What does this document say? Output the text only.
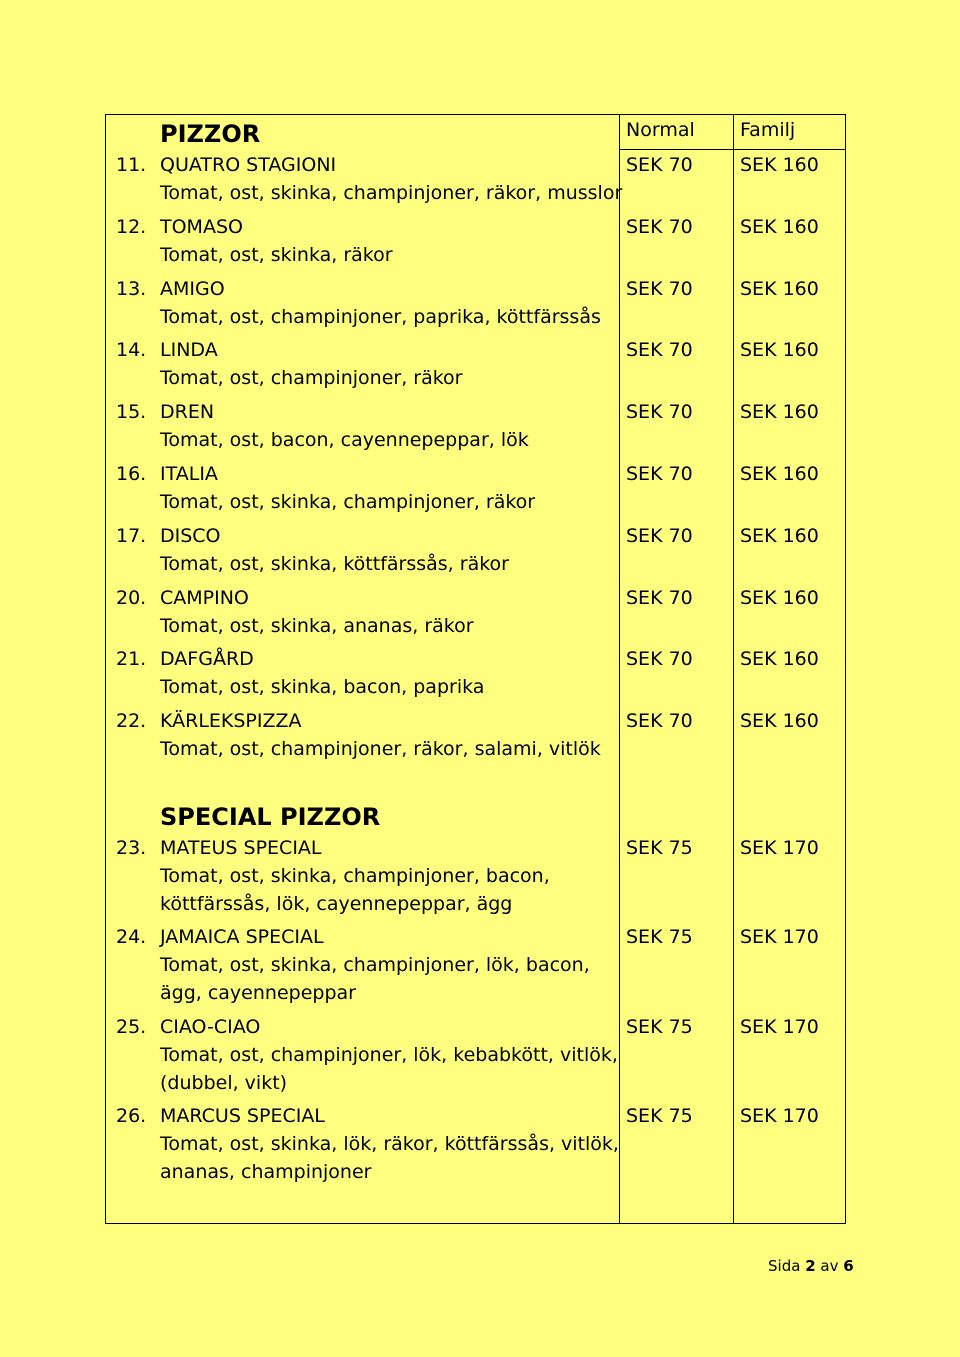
PIZZOR	Normal Familj
11. QUATRO STAGIONI	SEK 70 SEK 160
Tomat, ost, skinka, champinjoner, räkor, musslor
12. TOMASO	SEK 70 SEK 160
Tomat, ost, skinka, räkor
13. AMIGO	SEK 70 SEK 160
Tomat, ost, champinjoner, paprika, köttfärssås
14. LINDA	SEK 70 SEK 160
Tomat, ost, champinjoner, räkor
15. DREN	SEK 70 SEK 160
Tomat, ost, bacon, cayennepeppar, lök
16. ITALIA	SEK 70 SEK 160
Tomat, ost, skinka, champinjoner, räkor
17. DISCO	SEK 70 SEK 160
Tomat, ost, skinka, köttfärssås, räkor
20. CAMPINO	SEK 70 SEK 160
Tomat, ost, skinka, ananas, räkor
21. DAFGÅRD	SEK 70 SEK 160
Tomat, ost, skinka, bacon, paprika
22. KÄRLEKSPIZZA	SEK 70 SEK 160
Tomat, ost, champinjoner, räkor, salami, vitlök
SPECIAL PIZZOR
23. MATEUS SPECIAL	SEK 75 SEK 170
Tomat, ost, skinka, champinjoner, bacon,
köttfärssås, lök, cayennepeppar, ägg
24. JAMAICA SPECIAL	SEK 75 SEK 170
Tomat, ost, skinka, champinjoner, lök, bacon,
ägg, cayennepeppar
25. CIAO-CIAO	SEK 75 SEK 170
Tomat, ost, champinjoner, lök, kebabkött, vitlök,
(dubbel, vikt)
26. MARCUS SPECIAL	SEK 75 SEK 170
Tomat, ost, skinka, lök, räkor, köttfärssås, vitlök,
ananas, champinjoner
Sida 2 av 6
